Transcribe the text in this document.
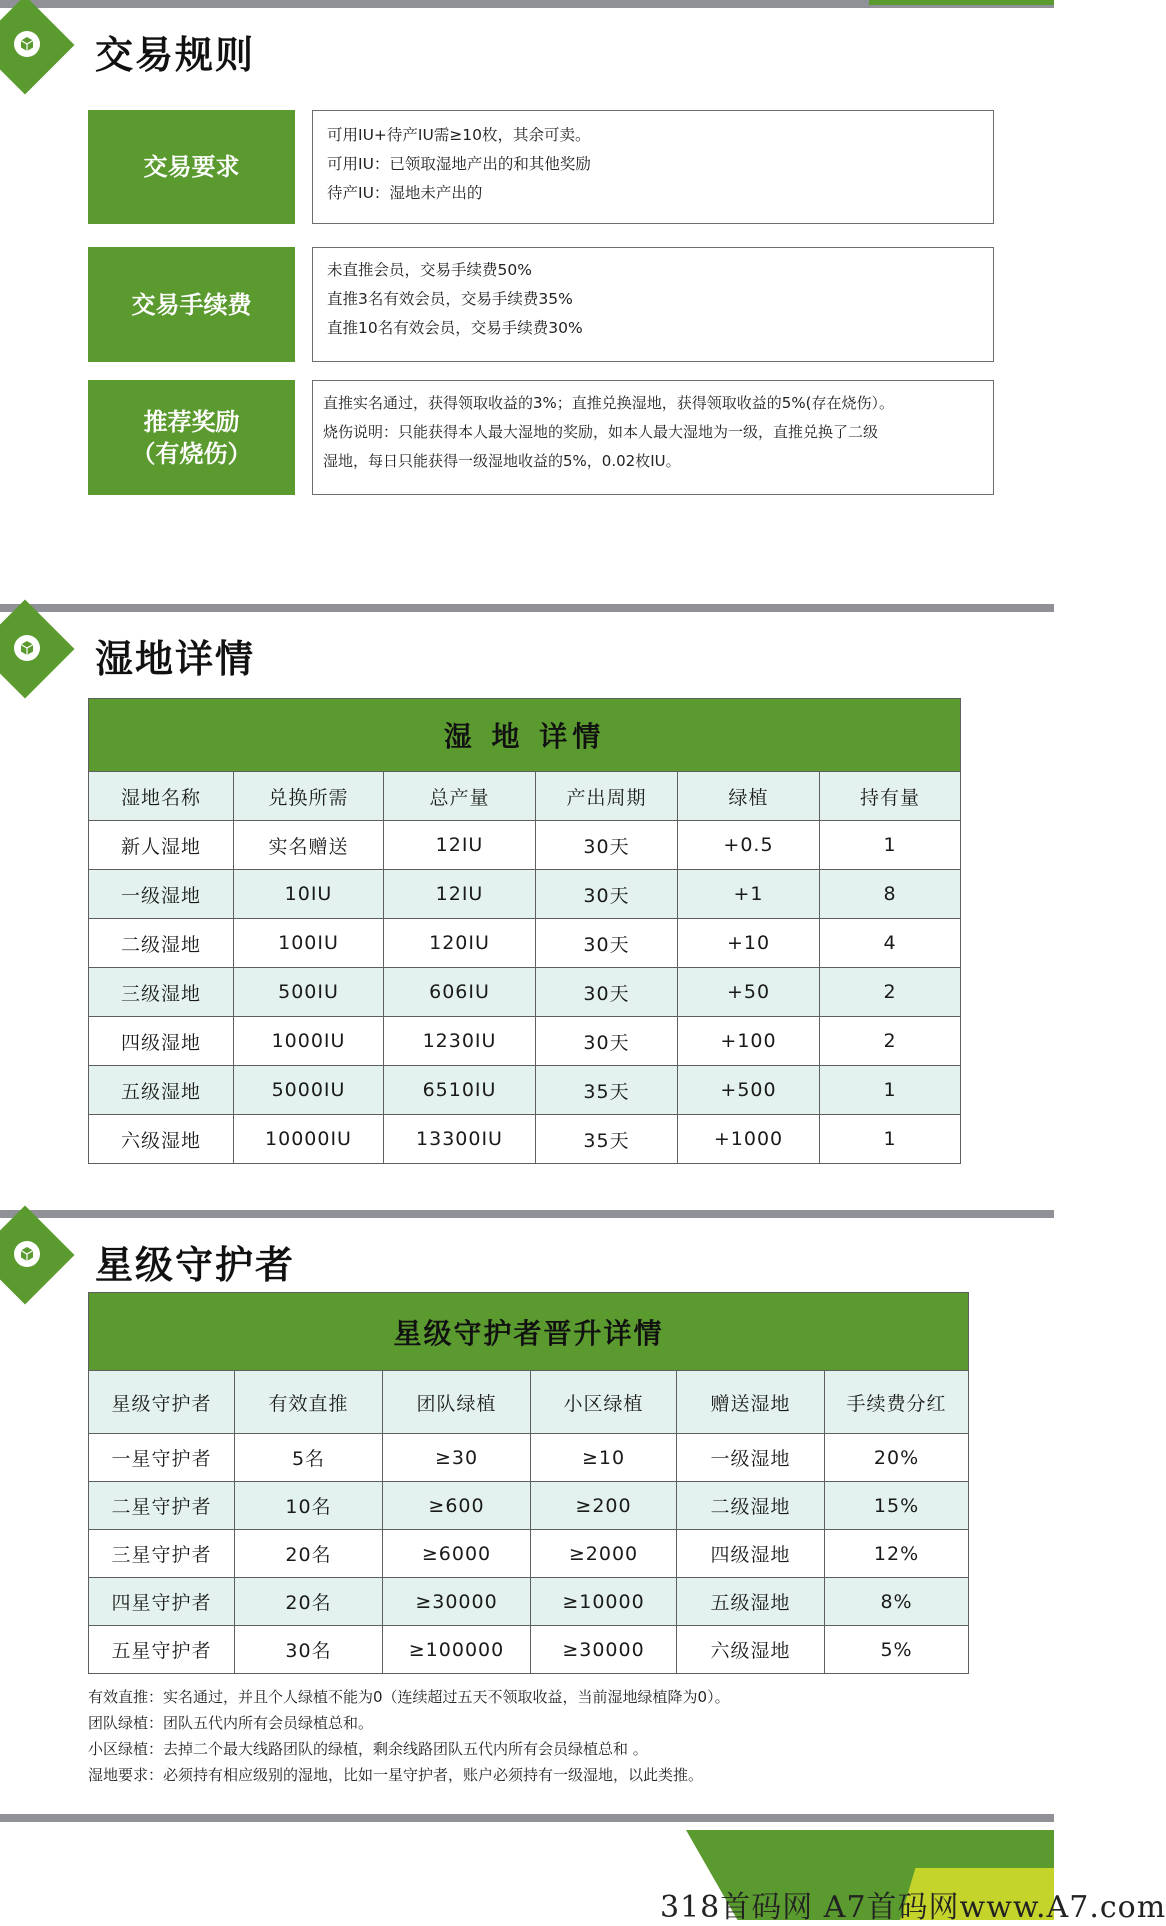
交易规则
交易要求
可用IU+待产IU需≥10枚，其余可卖。
可用IU：已领取湿地产出的和其他奖励
待产IU：湿地未产出的
交易手续费
未直推会员，交易手续费50%
直推3名有效会员，交易手续费35%
直推10名有效会员，交易手续费30%
推荐奖励
（有烧伤）
直推实名通过，获得领取收益的3%；直推兑换湿地，获得领取收益的5%(存在烧伤）。
烧伤说明：只能获得本人最大湿地的奖励，如本人最大湿地为一级，直推兑换了二级
湿地，每日只能获得一级湿地收益的5%，0.02枚IU。
湿地详情
湿 地 详情					
湿地名称	兑换所需	总产量	产出周期	绿植	持有量
新人湿地	实名赠送	12IU	30天	+0.5	1
一级湿地	10IU	12IU	30天	+1	8
二级湿地	100IU	120IU	30天	+10	4
三级湿地	500IU	606IU	30天	+50	2
四级湿地	1000IU	1230IU	30天	+100	2
五级湿地	5000IU	6510IU	35天	+500	1
六级湿地	10000IU	13300IU	35天	+1000	1
星级守护者
星级守护者晋升详情					
星级守护者	有效直推	团队绿植	小区绿植	赠送湿地	手续费分红
一星守护者	5名	≥30	≥10	一级湿地	20%
二星守护者	10名	≥600	≥200	二级湿地	15%
三星守护者	20名	≥6000	≥2000	四级湿地	12%
四星守护者	20名	≥30000	≥10000	五级湿地	8%
五星守护者	30名	≥100000	≥30000	六级湿地	5%
有效直推：实名通过，并且个人绿植不能为0（连续超过五天不领取收益，当前湿地绿植降为0）。
团队绿植：团队五代内所有会员绿植总和。
小区绿植：去掉二个最大线路团队的绿植，剩余线路团队五代内所有会员绿植总和 。
湿地要求：必须持有相应级别的湿地，比如一星守护者，账户必须持有一级湿地，以此类推。
318首码网 A7首码网www.A7.com
